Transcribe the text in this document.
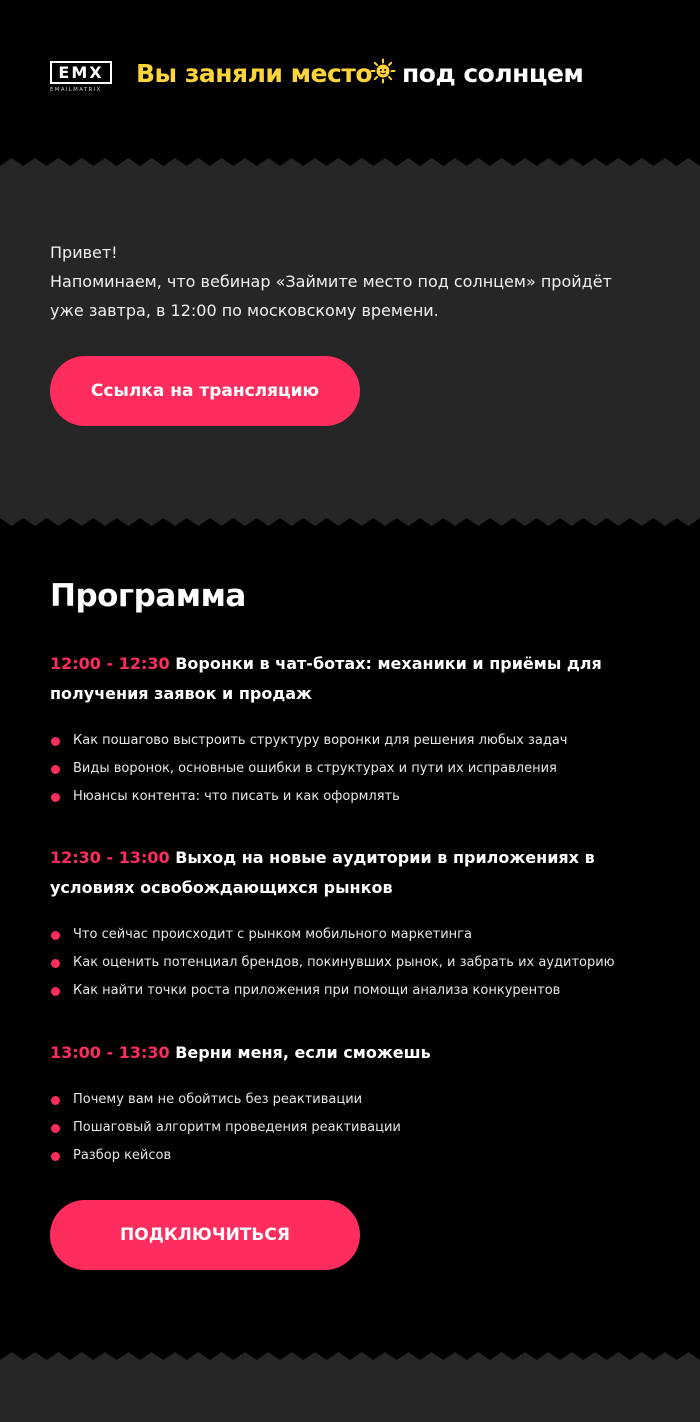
EMX
EMAILMATRIX
Вы заняли место под солнцем
Привет!
Напоминаем, что вебинар «Займите место под солнцем» пройдёт уже завтра, в 12:00 по московскому времени.
Ссылка на трансляцию
Программа

12:00 - 12:30 Воронки в чат-ботах: механики и приёмы для получения заявок и продаж

Как пошагово выстроить структуру воронки для решения любых задач
Виды воронок, основные ошибки в структурах и пути их исправления
Нюансы контента: что писать и как оформлять

12:30 - 13:00 Выход на новые аудитории в приложениях в условиях освобождающихся рынков

Что сейчас происходит с рынком мобильного маркетинга
Как оценить потенциал брендов, покинувших рынок, и забрать их аудиторию
Как найти точки роста приложения при помощи анализа конкурентов

13:00 - 13:30 Верни меня, если сможешь

Почему вам не обойтись без реактивации
Пошаговый алгоритм проведения реактивации
Разбор кейсов
ПОДКЛЮЧИТЬСЯ
